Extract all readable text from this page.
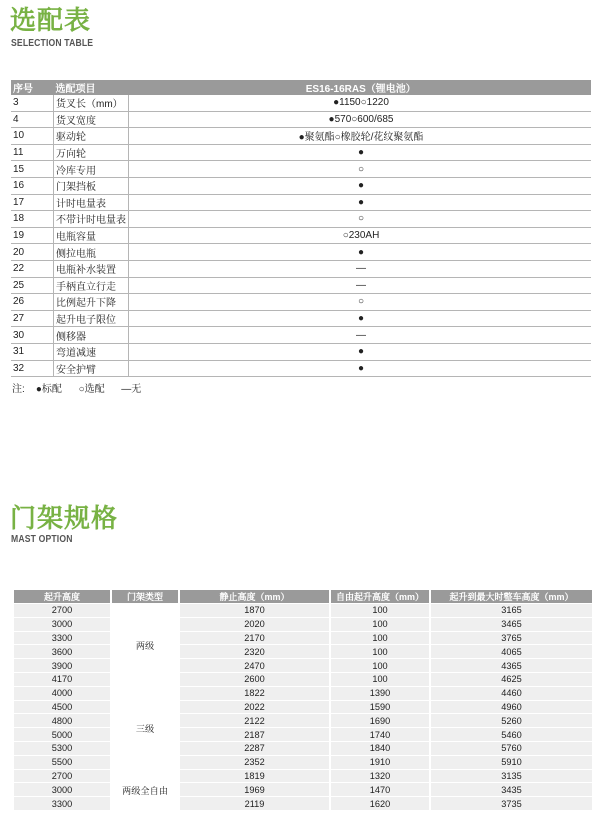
选配表
SELECTION TABLE
序号	选配项目	ES16-16RAS（锂电池）
3	货叉长（mm）	●1150○1220
4	货叉宽度	●570○600/685
10	驱动轮	●聚氨酯○橡胶轮/花纹聚氨酯
11	万向轮	●
15	冷库专用	○
16	门架挡板	●
17	计时电量表	●
18	不带计时电量表	○
19	电瓶容量	○230AH
20	侧拉电瓶	●
22	电瓶补水装置	—
25	手柄直立行走	—
26	比例起升下降	○
27	起升电子限位	●
30	侧移器	—
31	弯道减速	●
32	安全护臂	●
注:    ●标配      ○选配      —无
门架规格
MAST OPTION
起升高度	门架类型	静止高度（mm）	自由起升高度（mm）	起升到最大时整车高度（mm）
2700	两级	1870	100	3165
3000		2020	100	3465
3300		2170	100	3765
3600		2320	100	4065
3900		2470	100	4365
4170		2600	100	4625
4000	三级	1822	1390	4460
4500		2022	1590	4960
4800		2122	1690	5260
5000		2187	1740	5460
5300		2287	1840	5760
5500		2352	1910	5910
2700	两级全自由	1819	1320	3135
3000		1969	1470	3435
3300		2119	1620	3735
